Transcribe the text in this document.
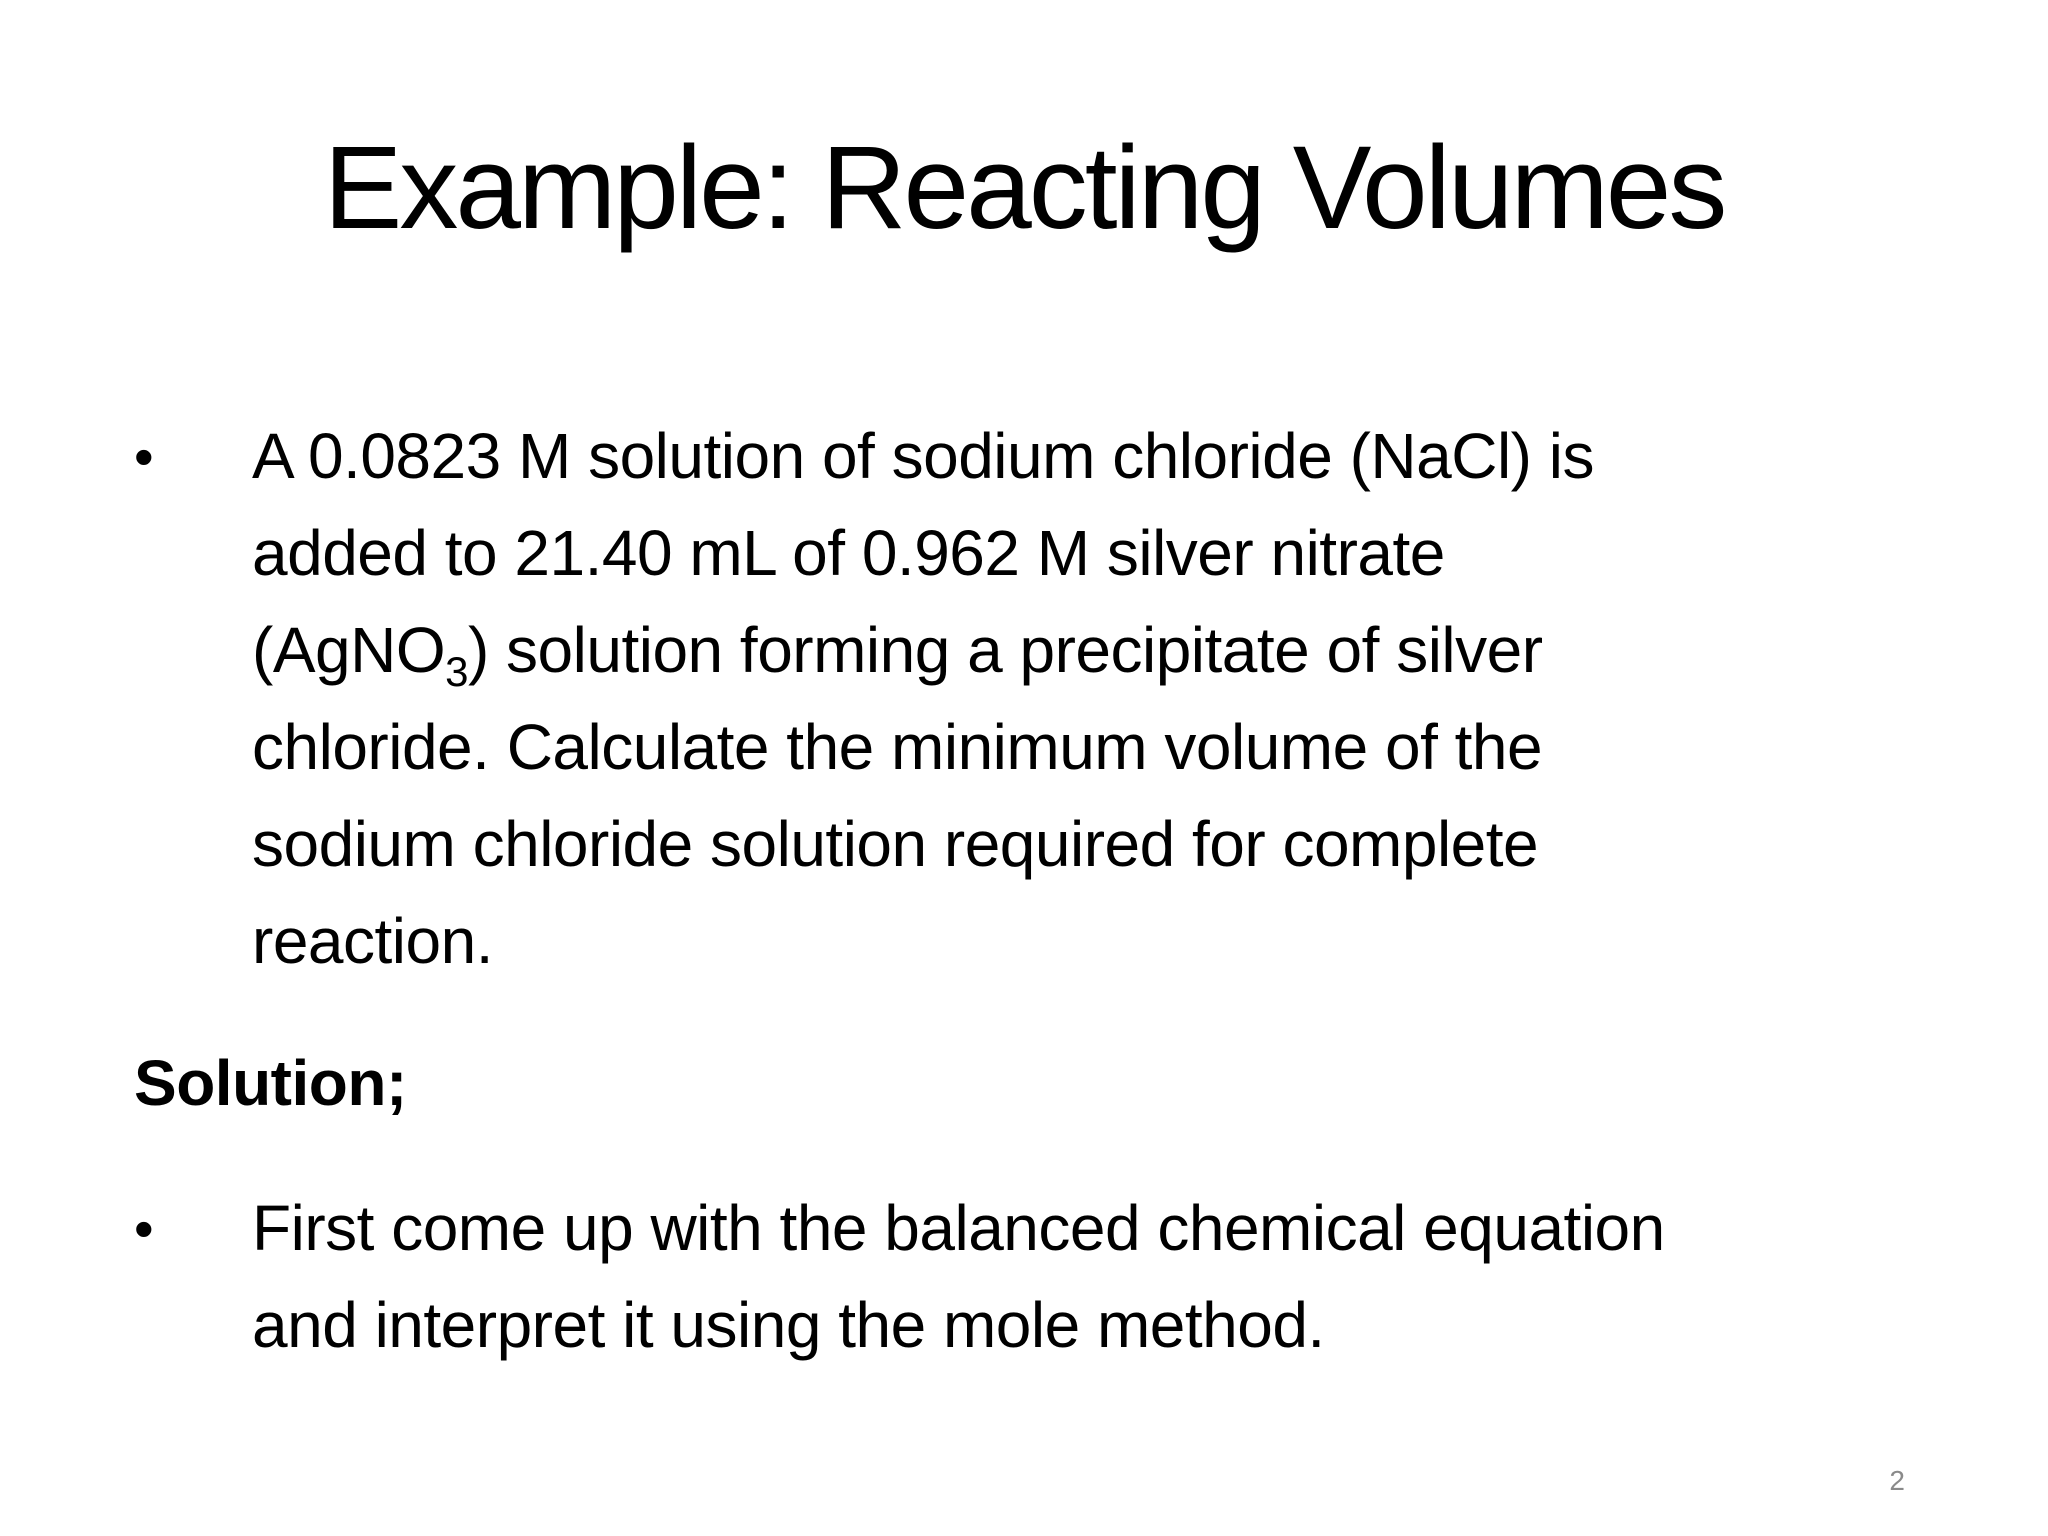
Example: Reacting Volumes
• A 0.0823 M solution of sodium chloride (NaCl) is
added to 21.40 mL of 0.962 M silver nitrate
(AgNO$_3$) solution forming a precipitate of silver
chloride. Calculate the minimum volume of the
sodium chloride solution required for complete
reaction.
Solution;
• First come up with the balanced chemical equation
and interpret it using the mole method.
2
